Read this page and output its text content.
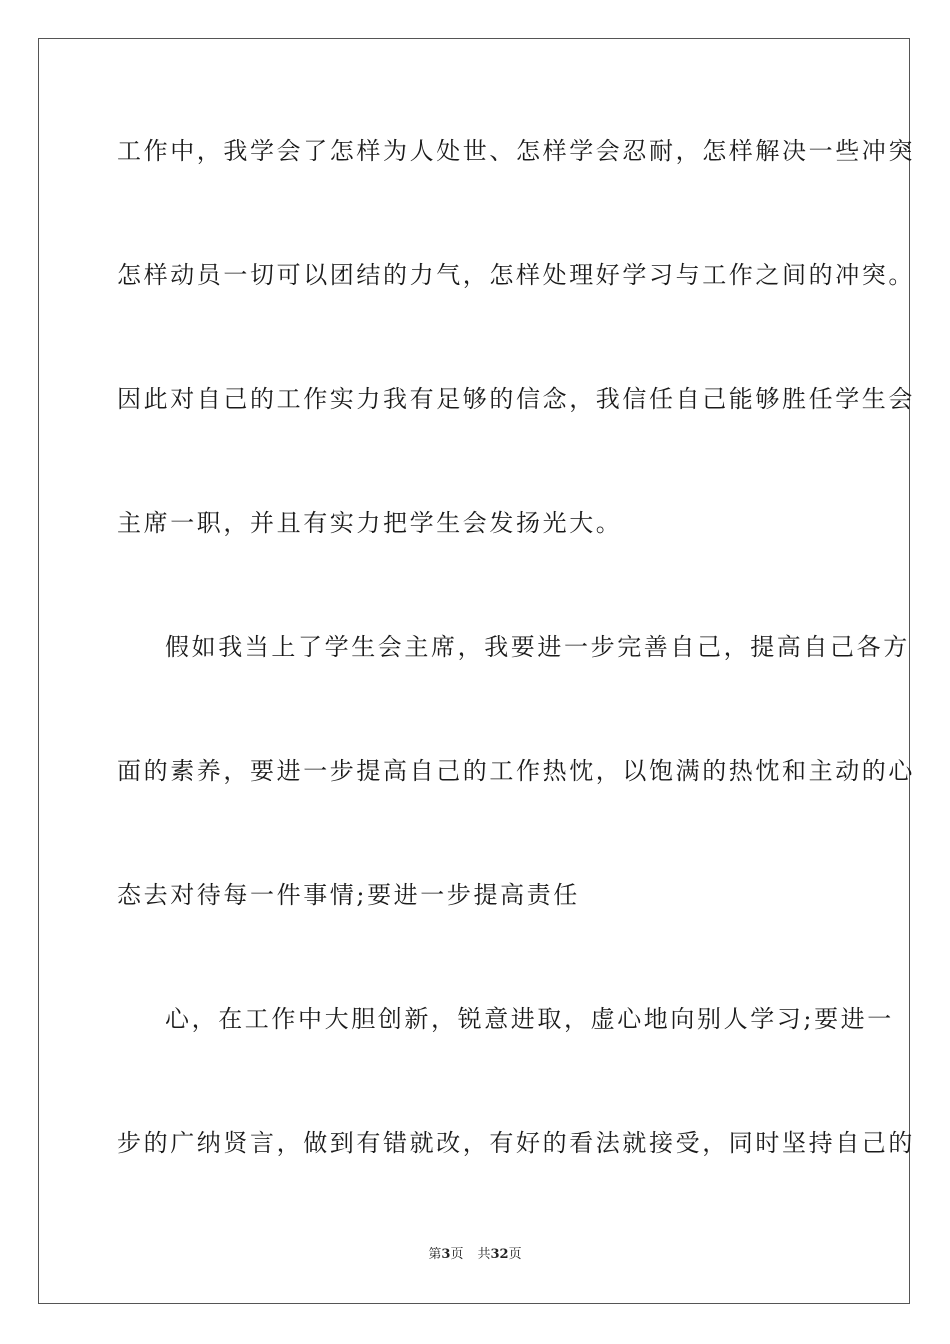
工作中，我学会了怎样为人处世、怎样学会忍耐，怎样解决一些冲突
怎样动员一切可以团结的力气，怎样处理好学习与工作之间的冲突。
因此对自己的工作实力我有足够的信念，我信任自己能够胜任学生会
主席一职，并且有实力把学生会发扬光大。
假如我当上了学生会主席，我要进一步完善自己，提高自己各方
面的素养，要进一步提高自己的工作热忱，以饱满的热忱和主动的心
态去对待每一件事情;要进一步提高责任
心，在工作中大胆创新，锐意进取，虚心地向别人学习;要进一
步的广纳贤言，做到有错就改，有好的看法就接受，同时坚持自己的
第3页 共32页
